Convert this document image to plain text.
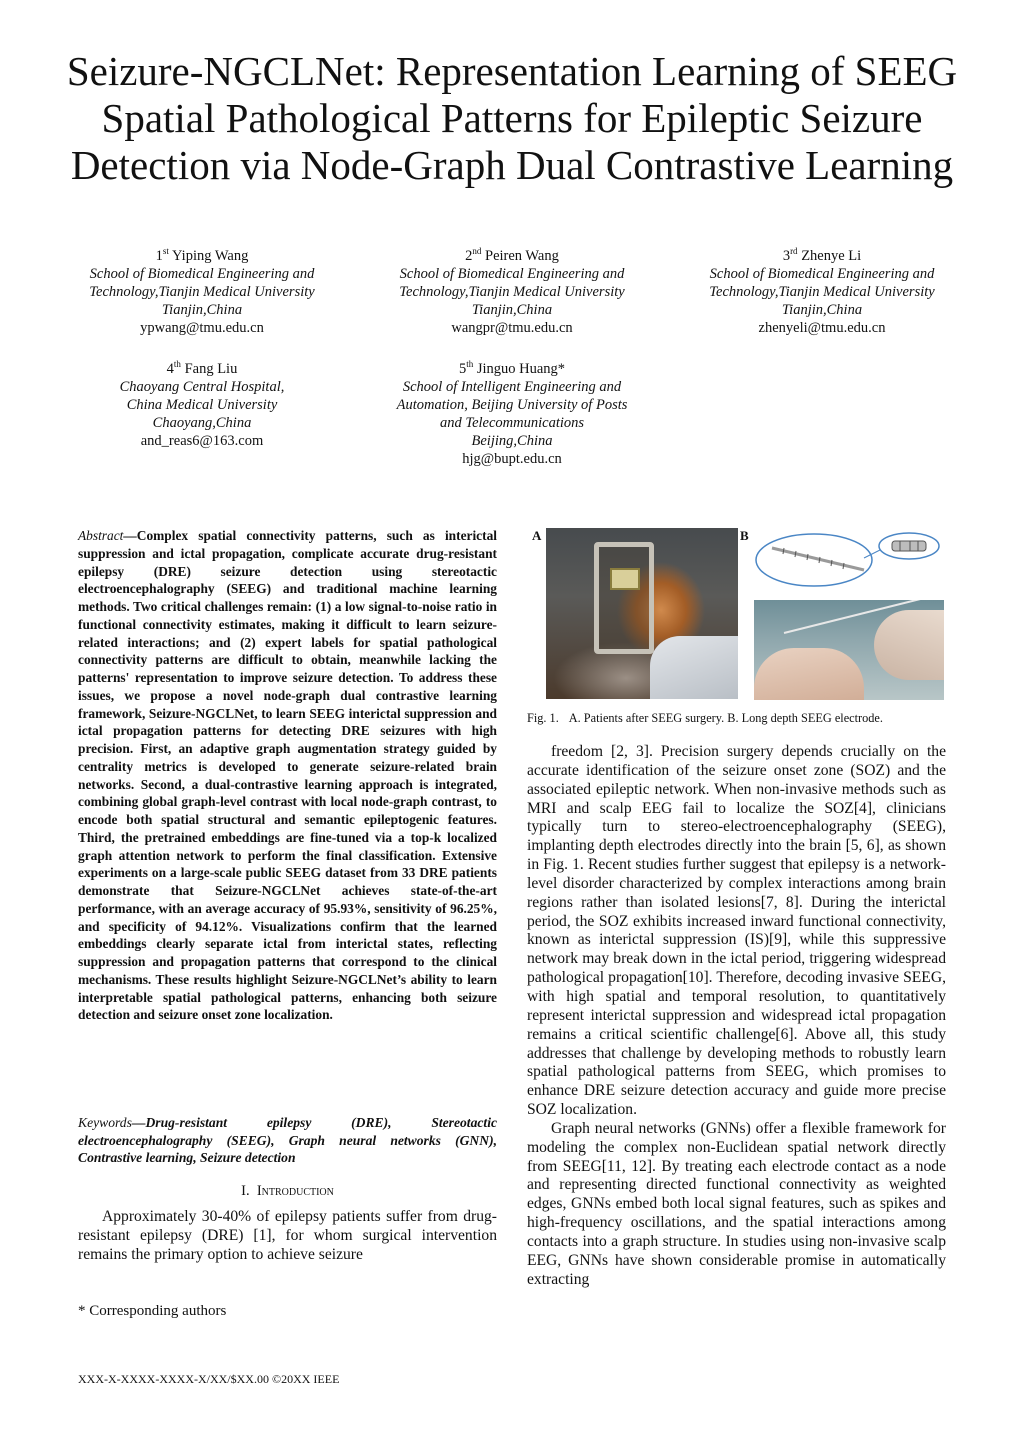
Seizure-NGCLNet: Representation Learning of SEEG Spatial Pathological Patterns for Epileptic Seizure Detection via Node-Graph Dual Contrastive Learning
1st Yiping Wang
School of Biomedical Engineering and
Technology,Tianjin Medical University
Tianjin,China
ypwang@tmu.edu.cn
2nd Peiren Wang
School of Biomedical Engineering and
Technology,Tianjin Medical University
Tianjin,China
wangpr@tmu.edu.cn
3rd Zhenye Li
School of Biomedical Engineering and
Technology,Tianjin Medical University
Tianjin,China
zhenyeli@tmu.edu.cn
4th Fang Liu
Chaoyang Central Hospital,
China Medical University
Chaoyang,China
and_reas6@163.com
5th Jinguo Huang*
School of Intelligent Engineering and
Automation, Beijing University of Posts
and Telecommunications
Beijing,China
hjg@bupt.edu.cn

Abstract—Complex spatial connectivity patterns, such as interictal suppression and ictal propagation, complicate accurate drug-resistant epilepsy (DRE) seizure detection using stereotactic electroencephalography (SEEG) and traditional machine learning methods. Two critical challenges remain: (1) a low signal-to-noise ratio in functional connectivity estimates, making it difficult to learn seizure-related interactions; and (2) expert labels for spatial pathological connectivity patterns are difficult to obtain, meanwhile lacking the patterns' representation to improve seizure detection. To address these issues, we propose a novel node-graph dual contrastive learning framework, Seizure-NGCLNet, to learn SEEG interictal suppression and ictal propagation patterns for detecting DRE seizures with high precision. First, an adaptive graph augmentation strategy guided by centrality metrics is developed to generate seizure-related brain networks. Second, a dual-contrastive learning approach is integrated, combining global graph-level contrast with local node-graph contrast, to encode both spatial structural and semantic epileptogenic features. Third, the pretrained embeddings are fine-tuned via a top-k localized graph attention network to perform the final classification. Extensive experiments on a large-scale public SEEG dataset from 33 DRE patients demonstrate that Seizure-NGCLNet achieves state-of-the-art performance, with an average accuracy of 95.93%, sensitivity of 96.25%, and specificity of 94.12%. Visualizations confirm that the learned embeddings clearly separate ictal from interictal states, reflecting suppression and propagation patterns that correspond to the clinical mechanisms. These results highlight Seizure-NGCLNet’s ability to learn interpretable spatial pathological patterns, enhancing both seizure detection and seizure onset zone localization.

Keywords—Drug-resistant epilepsy (DRE), Stereotactic electroencephalography (SEEG), Graph neural networks (GNN), Contrastive learning, Seizure detection

I. Introduction

Approximately 30-40% of epilepsy patients suffer from drug-resistant epilepsy (DRE) [1], for whom surgical intervention remains the primary option to achieve seizure

* Corresponding authors

XXX-X-XXXX-XXXX-X/XX/$XX.00 ©20XX IEEE

A	B

Fig. 1. A. Patients after SEEG surgery. B. Long depth SEEG electrode.

freedom [2, 3]. Precision surgery depends crucially on the accurate identification of the seizure onset zone (SOZ) and the associated epileptic network. When non-invasive methods such as MRI and scalp EEG fail to localize the SOZ[4], clinicians typically turn to stereo-electroencephalography (SEEG), implanting depth electrodes directly into the brain [5, 6], as shown in Fig. 1. Recent studies further suggest that epilepsy is a network-level disorder characterized by complex interactions among brain regions rather than isolated lesions[7, 8]. During the interictal period, the SOZ exhibits increased inward functional connectivity, known as interictal suppression (IS)[9], while this suppressive network may break down in the ictal period, triggering widespread pathological propagation[10]. Therefore, decoding invasive SEEG, with high spatial and temporal resolution, to quantitatively represent interictal suppression and widespread ictal propagation remains a critical scientific challenge[6]. Above all, this study addresses that challenge by developing methods to robustly learn spatial pathological patterns from SEEG, which promises to enhance DRE seizure detection accuracy and guide more precise SOZ localization.

Graph neural networks (GNNs) offer a flexible framework for modeling the complex non-Euclidean spatial network directly from SEEG[11, 12]. By treating each electrode contact as a node and representing directed functional connectivity as weighted edges, GNNs embed both local signal features, such as spikes and high-frequency oscillations, and the spatial interactions among contacts into a graph structure. In studies using non-invasive scalp EEG, GNNs have shown considerable promise in automatically extracting
